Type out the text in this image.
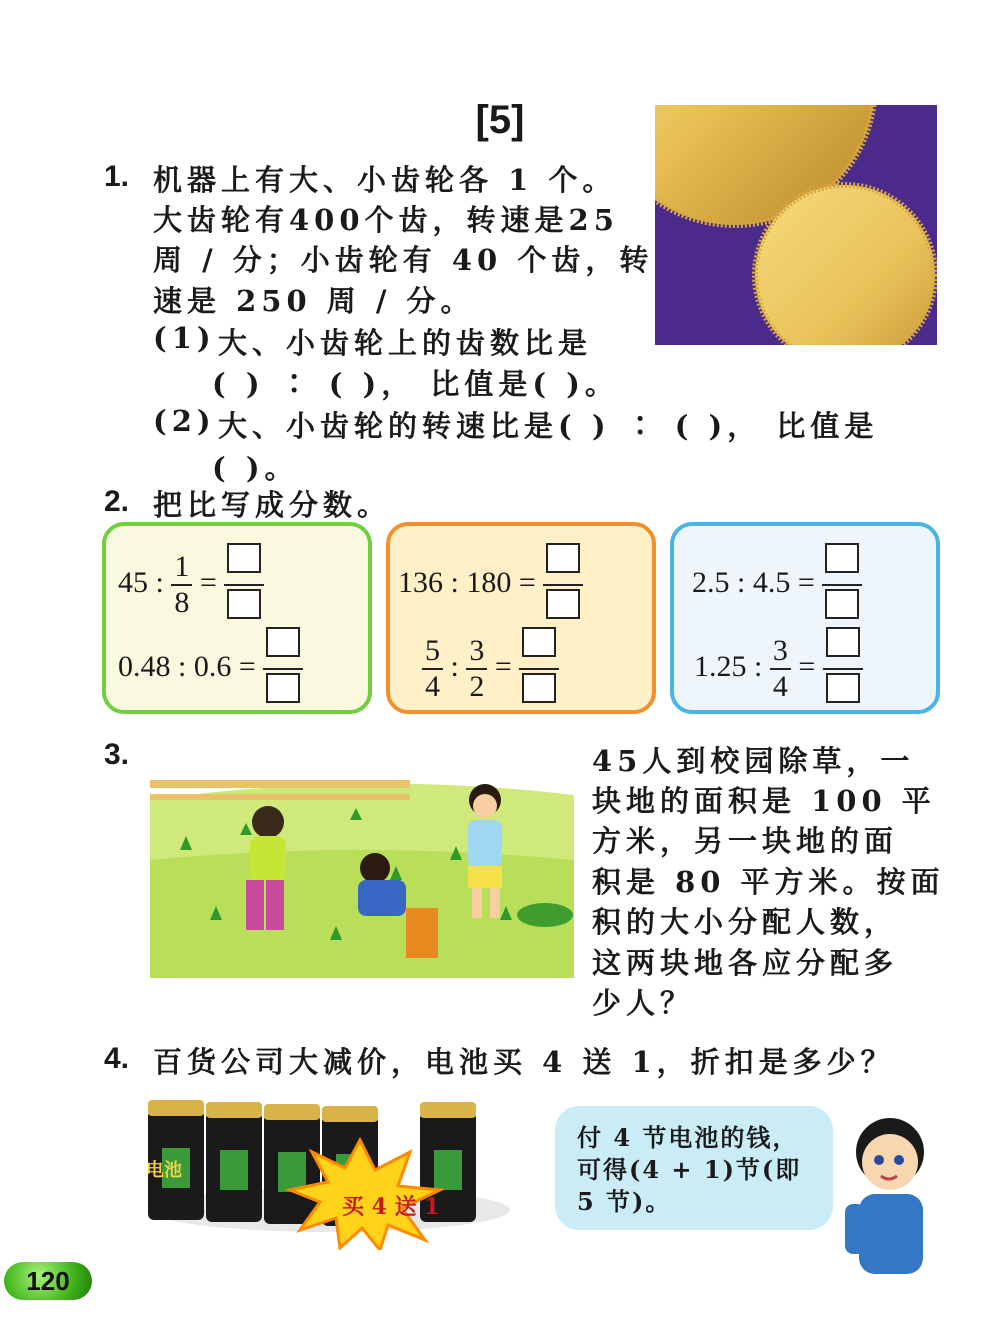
[5]
1. 机器上有大、小齿轮各 1 个。
大齿轮有400个齿，转速是25
周 / 分；小齿轮有 40 个齿，转
速是 250 周 / 分。
(1) 大、小齿轮上的齿数比是
( ) ∶ ( )， 比值是( )。
(2) 大、小齿轮的转速比是( ) ∶ ( )， 比值是
( )。
2. 把比写成分数。
45 : $\frac{1}{8}$ =
0.48 : 0.6 =
136 : 180 =
$\frac{5}{4}$ : $\frac{3}{2}$ =
2.5 : 4.5 =
1.25 : $\frac{3}{4}$ =
3.	45人到校园除草，一
块地的面积是 100 平
方米，另一块地的面
积是 80 平方米。按面
积的大小分配人数，
这两块地各应分配多
少人？
4. 百货公司大减价，电池买 4 送 1，折扣是多少？
买 4 送 1
电池
付 4 节电池的钱，
可得(4 + 1)节(即
5 节)。
120
